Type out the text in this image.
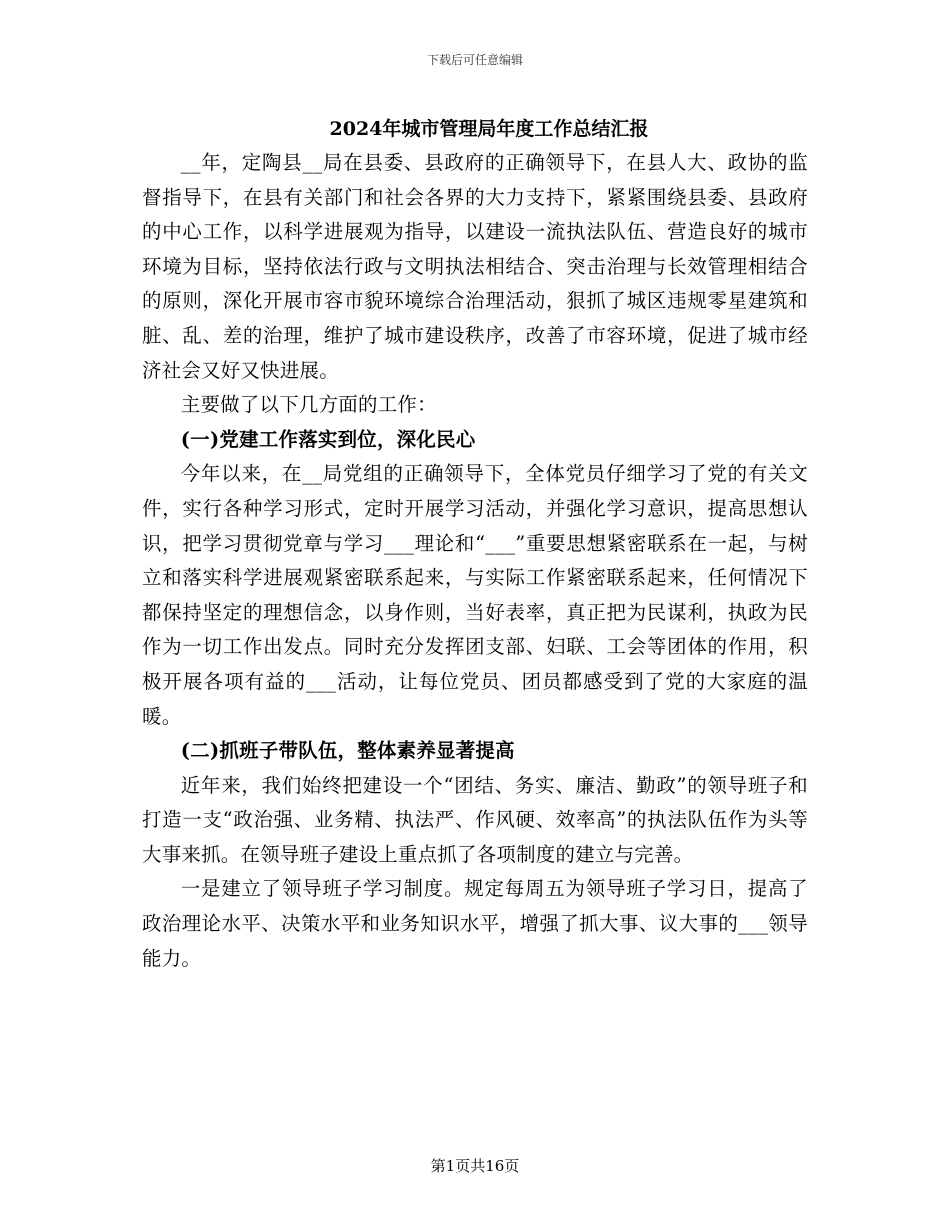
下载后可任意编辑
2024年城市管理局年度工作总结汇报

__年，定陶县__局在县委、县政府的正确领导下，在县人大、政协的监督指导下，在县有关部门和社会各界的大力支持下，紧紧围绕县委、县政府的中心工作，以科学进展观为指导，以建设一流执法队伍、营造良好的城市环境为目标，坚持依法行政与文明执法相结合、突击治理与长效管理相结合的原则，深化开展市容市貌环境综合治理活动，狠抓了城区违规零星建筑和脏、乱、差的治理，维护了城市建设秩序，改善了市容环境，促进了城市经济社会又好又快进展。

主要做了以下几方面的工作：

(一)党建工作落实到位，深化民心

今年以来，在__局党组的正确领导下，全体党员仔细学习了党的有关文件，实行各种学习形式，定时开展学习活动，并强化学习意识，提高思想认识，把学习贯彻党章与学习___理论和“___”重要思想紧密联系在一起，与树立和落实科学进展观紧密联系起来，与实际工作紧密联系起来，任何情况下都保持坚定的理想信念，以身作则，当好表率，真正把为民谋利，执政为民作为一切工作出发点。同时充分发挥团支部、妇联、工会等团体的作用，积极开展各项有益的___活动，让每位党员、团员都感受到了党的大家庭的温暖。

(二)抓班子带队伍，整体素养显著提高

近年来，我们始终把建设一个“团结、务实、廉洁、勤政”的领导班子和打造一支“政治强、业务精、执法严、作风硬、效率高”的执法队伍作为头等大事来抓。在领导班子建设上重点抓了各项制度的建立与完善。

一是建立了领导班子学习制度。规定每周五为领导班子学习日，提高了政治理论水平、决策水平和业务知识水平，增强了抓大事、议大事的___领导能力。

第1页共16页
